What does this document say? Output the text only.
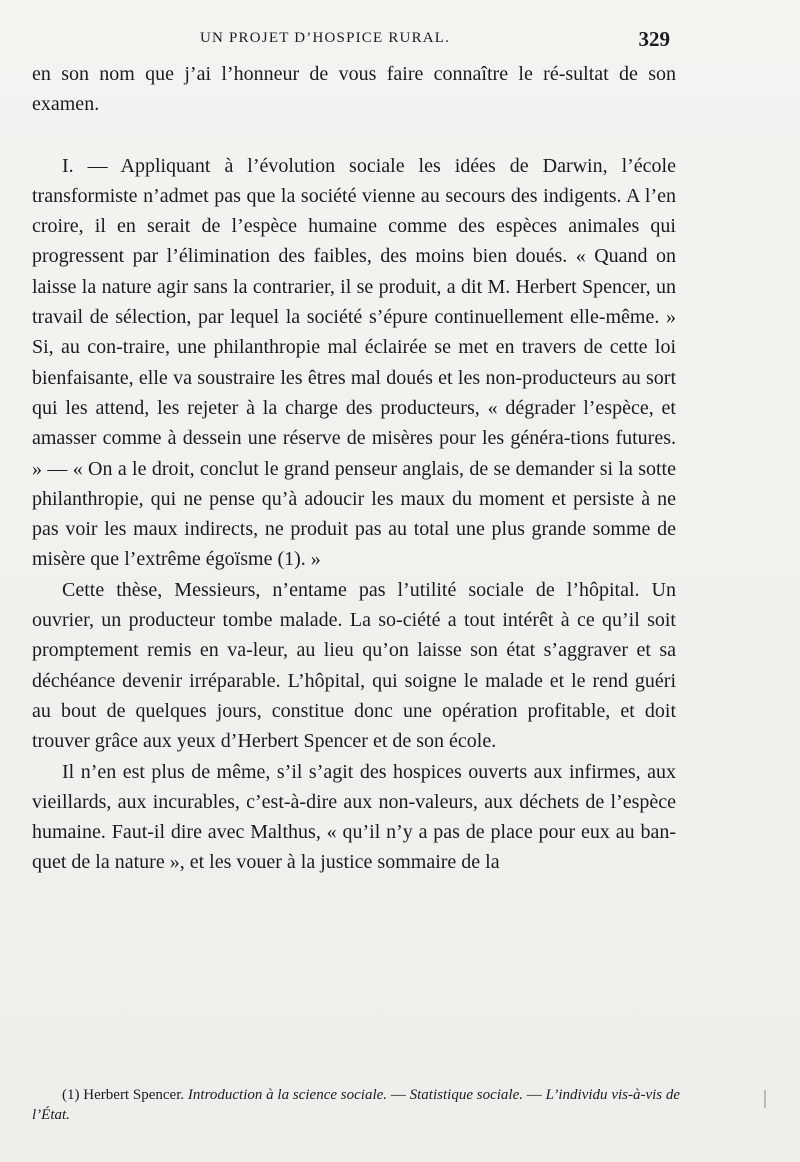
UN PROJET D’HOSPICE RURAL.	329

en son nom que j’ai l’honneur de vous faire connaître le ré-sultat de son examen.

I. — Appliquant à l’évolution sociale les idées de Darwin, l’école transformiste n’admet pas que la société vienne au secours des indigents. A l’en croire, il en serait de l’espèce humaine comme des espèces animales qui progressent par l’élimination des faibles, des moins bien doués. « Quand on laisse la nature agir sans la contrarier, il se produit, a dit M. Herbert Spencer, un travail de sélection, par lequel la société s’épure continuellement elle-même. » Si, au con-traire, une philanthropie mal éclairée se met en travers de cette loi bienfaisante, elle va soustraire les êtres mal doués et les non-producteurs au sort qui les attend, les rejeter à la charge des producteurs, « dégrader l’espèce, et amasser comme à dessein une réserve de misères pour les généra-tions futures. » — « On a le droit, conclut le grand penseur anglais, de se demander si la sotte philanthropie, qui ne pense qu’à adoucir les maux du moment et persiste à ne pas voir les maux indirects, ne produit pas au total une plus grande somme de misère que l’extrême égoïsme (1). »

Cette thèse, Messieurs, n’entame pas l’utilité sociale de l’hôpital. Un ouvrier, un producteur tombe malade. La so-ciété a tout intérêt à ce qu’il soit promptement remis en va-leur, au lieu qu’on laisse son état s’aggraver et sa déchéance devenir irréparable. L’hôpital, qui soigne le malade et le rend guéri au bout de quelques jours, constitue donc une opération profitable, et doit trouver grâce aux yeux d’Herbert Spencer et de son école.

Il n’en est plus de même, s’il s’agit des hospices ouverts aux infirmes, aux vieillards, aux incurables, c’est-à-dire aux non-valeurs, aux déchets de l’espèce humaine. Faut-il dire avec Malthus, « qu’il n’y a pas de place pour eux au ban-quet de la nature », et les vouer à la justice sommaire de la

(1) Herbert Spencer. Introduction à la science sociale. — Statistique sociale. — L’individu vis-à-vis de l’État.
